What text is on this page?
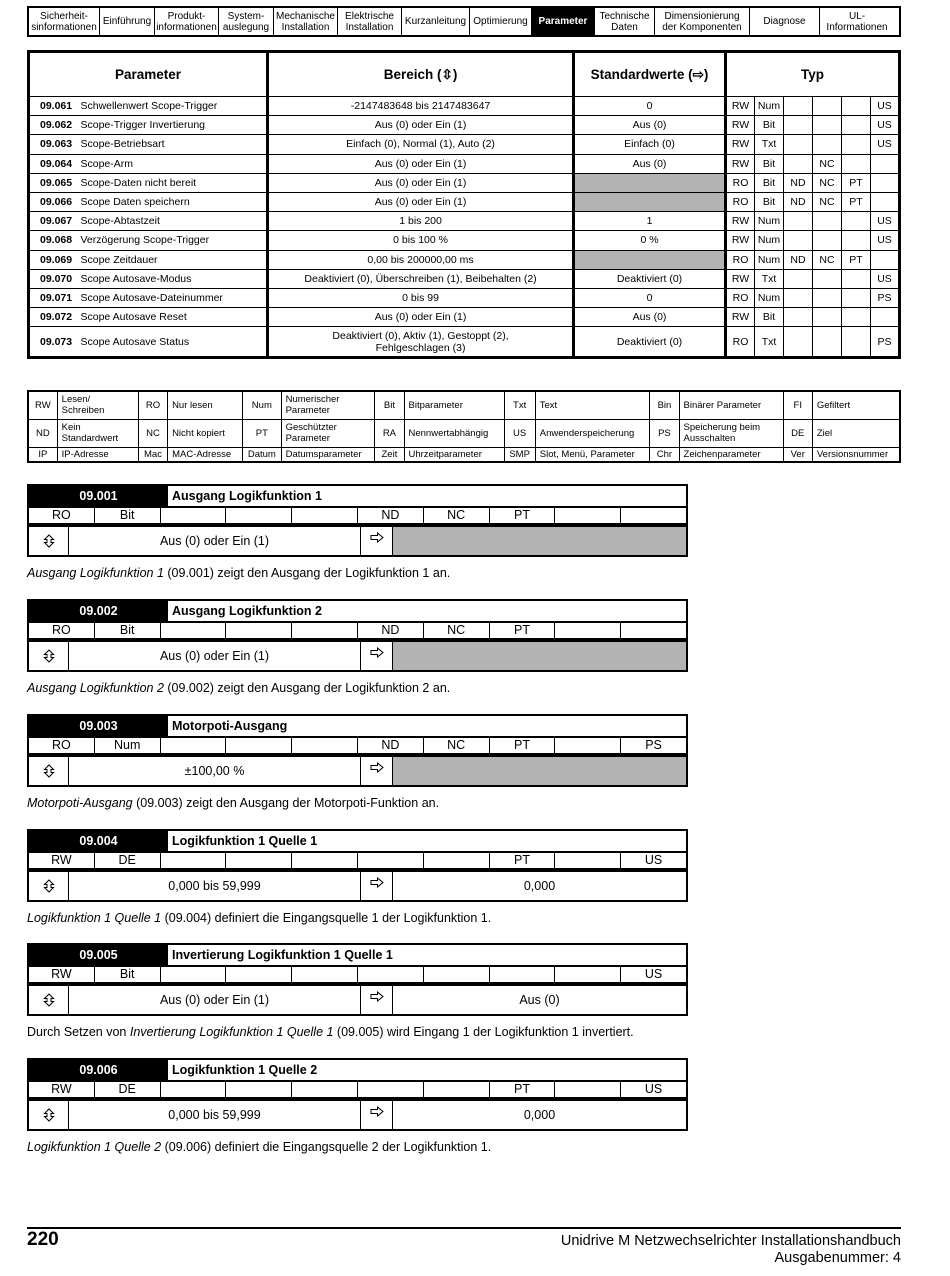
Sicherheit-
sinformationen Einführung	Produkt-
informationen
System-
auslegung
Mechanische
Installation
Elektrische
Installation	Kurzanleitung Optimierung	Parameter	Technische
Daten
Dimensionierung
der Komponenten	Diagnose	UL-
Informationen
Parameter		Bereich (⇳)	Standardwerte (⇨)	Typ					
09.061	Schwellenwert Scope-Trigger	-2147483648 bis 2147483647	0	RW	Num				US
09.062	Scope-Trigger Invertierung	Aus (0) oder Ein (1)	Aus (0)	RW	Bit				US
09.063	Scope-Betriebsart	Einfach (0), Normal (1), Auto (2)	Einfach (0)	RW	Txt				US
09.064	Scope-Arm	Aus (0) oder Ein (1)	Aus (0)	RW	Bit		NC		
09.065	Scope-Daten nicht bereit	Aus (0) oder Ein (1)		RO	Bit	ND	NC	PT	
09.066	Scope Daten speichern	Aus (0) oder Ein (1)		RO	Bit	ND	NC	PT	
09.067	Scope-Abtastzeit	1 bis 200	1	RW	Num				US
09.068	Verzögerung Scope-Trigger	0 bis 100 %	0 %	RW	Num				US
09.069	Scope Zeitdauer	0,00 bis 200000,00 ms		RO	Num	ND	NC	PT	
09.070	Scope Autosave-Modus	Deaktiviert (0), Überschreiben (1), Beibehalten (2)	Deaktiviert (0)	RW	Txt				US
09.071	Scope Autosave-Dateinummer	0 bis 99	0	RO	Num				PS
09.072	Scope Autosave Reset	Aus (0) oder Ein (1)	Aus (0)	RW	Bit				
09.073	Scope Autosave Status	Deaktiviert (0), Aktiv (1), Gestoppt (2),
Fehlgeschlagen (3)	Deaktiviert (0)	RO	Txt				PS
RW	Lesen/
Schreiben	RO	Nur lesen	Num	Numerischer
Parameter	Bit	Bitparameter	Txt	Text	Bin	Binärer Parameter	FI	Gefiltert
ND	Kein
Standardwert	NC	Nicht kopiert	PT	Geschützter
Parameter	RA	Nennwertabhängig	US	Anwenderspeicherung	PS	Speicherung beim
Ausschalten	DE	Ziel
IP	IP-Adresse	Mac	MAC-Adresse	Datum	Datumsparameter	Zeit	Uhrzeitparameter	SMP	Slot, Menü, Parameter	Chr	Zeichenparameter	Ver	Versionsnummer
09.001	Ausgang Logikfunktion 1
RO	Bit	ND	NC	PT
Aus (0) oder Ein (1)
Ausgang Logikfunktion 1 (09.001) zeigt den Ausgang der Logikfunktion 1 an.
09.002	Ausgang Logikfunktion 2
RO	Bit	ND	NC	PT
Aus (0) oder Ein (1)
Ausgang Logikfunktion 2 (09.002) zeigt den Ausgang der Logikfunktion 2 an.
09.003	Motorpoti-Ausgang
RO	Num	ND	NC	PT	PS
±100,00 %
Motorpoti-Ausgang (09.003) zeigt den Ausgang der Motorpoti-Funktion an.
09.004	Logikfunktion 1 Quelle 1
RW	DE	PT	US
0,000 bis 59,999	0,000
Logikfunktion 1 Quelle 1 (09.004) definiert die Eingangsquelle 1 der Logikfunktion 1.
09.005	Invertierung Logikfunktion 1 Quelle 1
RW	Bit	US
Aus (0) oder Ein (1)	Aus (0)
Durch Setzen von Invertierung Logikfunktion 1 Quelle 1 (09.005) wird Eingang 1 der Logikfunktion 1 invertiert.
09.006	Logikfunktion 1 Quelle 2
RW	DE	PT	US
0,000 bis 59,999	0,000
Logikfunktion 1 Quelle 2 (09.006) definiert die Eingangsquelle 2 der Logikfunktion 1.
220	Unidrive M Netzwechselrichter Installationshandbuch
Ausgabenummer: 4
